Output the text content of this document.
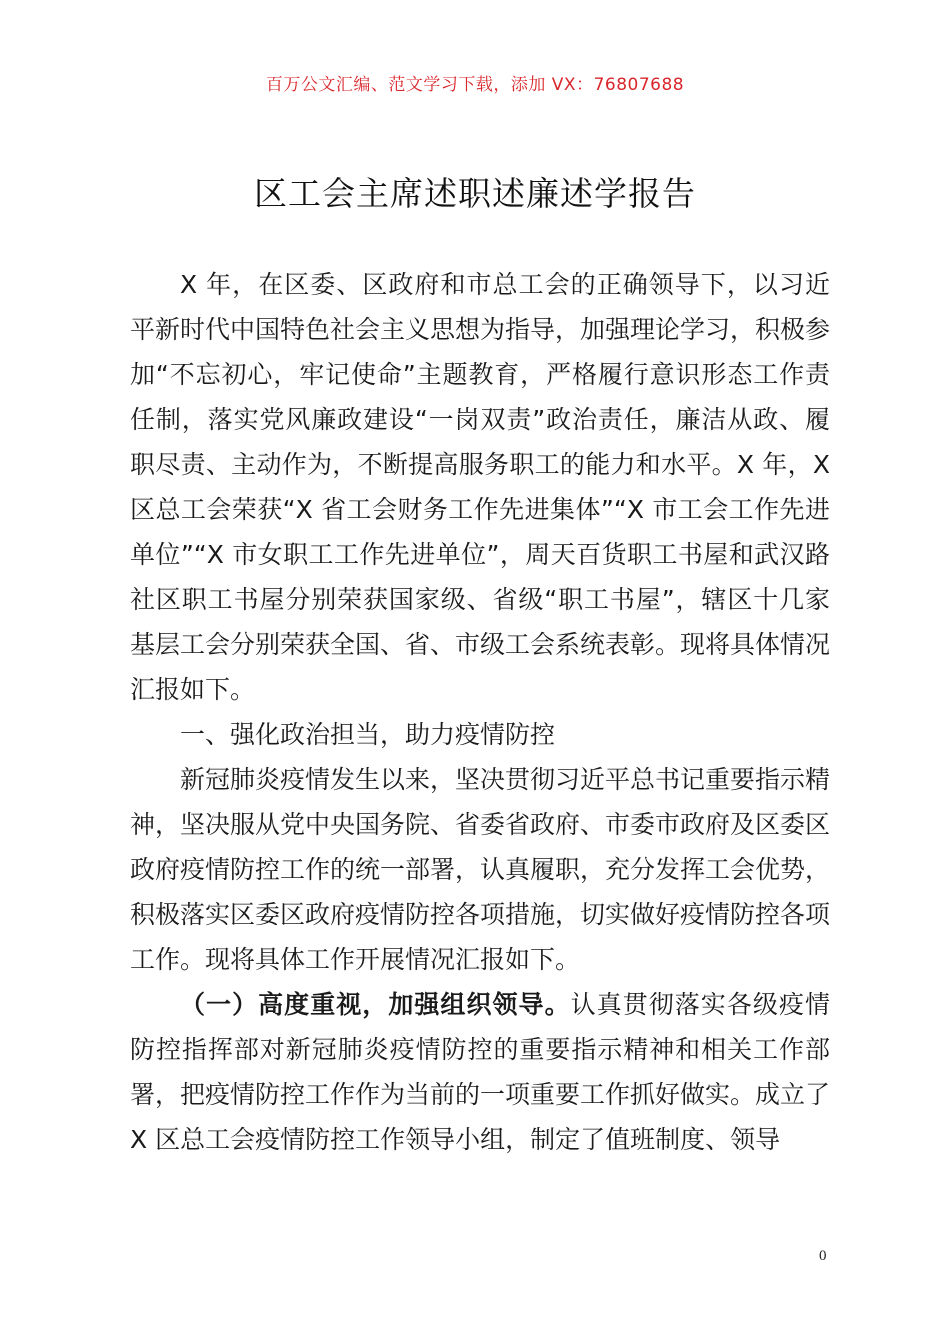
百万公文汇编、范文学习下载，添加 VX：76807688
区工会主席述职述廉述学报告

X 年，在区委、区政府和市总工会的正确领导下，以习近平新时代中国特色社会主义思想为指导，加强理论学习，积极参加“不忘初心，牢记使命”主题教育，严格履行意识形态工作责任制，落实党风廉政建设“一岗双责”政治责任，廉洁从政、履职尽责、主动作为，不断提高服务职工的能力和水平。X 年，X 区总工会荣获“X 省工会财务工作先进集体”“X 市工会工作先进单位”“X 市女职工工作先进单位”，周天百货职工书屋和武汉路社区职工书屋分别荣获国家级、省级“职工书屋”，辖区十几家基层工会分别荣获全国、省、市级工会系统表彰。现将具体情况汇报如下。

一、强化政治担当，助力疫情防控

新冠肺炎疫情发生以来，坚决贯彻习近平总书记重要指示精神，坚决服从党中央国务院、省委省政府、市委市政府及区委区政府疫情防控工作的统一部署，认真履职，充分发挥工会优势，积极落实区委区政府疫情防控各项措施，切实做好疫情防控各项工作。现将具体工作开展情况汇报如下。

（一）高度重视，加强组织领导。认真贯彻落实各级疫情防控指挥部对新冠肺炎疫情防控的重要指示精神和相关工作部署，把疫情防控工作作为当前的一项重要工作抓好做实。成立了 X 区总工会疫情防控工作领导小组，制定了值班制度、领导

0
